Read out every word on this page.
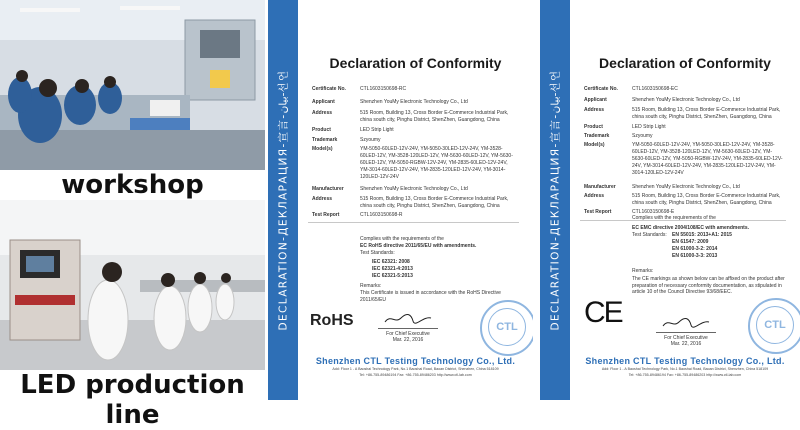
workshop
LED production line
DECLARATION-ДЕКЛАРАЦИЯ-宣言-بيان-선언
Declaration of Conformity
Certificate No.	CTL1603150698-RC
Applicant	Shenzhen YouMy Electronic Technology Co., Ltd
Address	515 Room, Building 13, Cross Border E-Commerce Industrial Park, china south city, Pinghu District, ShenZhen, Guangdong, China
Product	LED Strip Light
Trademark	Szyoumy
Model(s)	YM-5050-60LED-12V-24V, YM-5050-30LED-12V-24V, YM-3528-60LED-12V, YM-3528-120LED-12V, YM-5630-60LED-12V, YM-5630-60LED-12V, YM-5050-RGBW-12V-24V, YM-2835-60LED-12V-24V, YM-3014-60LED-12V-24V, YM-2835-120LED-12V-24V, YM-3014-120LED-12V-24V
Manufacturer	Shenzhen YouMy Electronic Technology Co., Ltd
Address	515 Room, Building 13, Cross Border E-Commerce Industrial Park, china south city, Pinghu District, ShenZhen, Guangdong, China
Test Report	CTL1603150698-R
Complies with the requirements of the
EC RoHS directive 2011/65/EU with amendments.
Test Standards:
IEC 62321: 2008
IEC 62321-4:2013
IEC 62321-5:2013
Remarks:
This Certificate is issued in accordance with the RoHS Directive 2011/65/EU
RoHS
For Chief Executive
Mar. 22, 2016
CTL
Shenzhen CTL Testing Technology Co., Ltd.
Add: Floor 1 - A Baoshai Technology Park, No.1 Baoshai Road, Baoan District, Shenzhen, China 518109
Tel: +86-755-89486194 Fax: +86-755-89486203 http://www.ctl-lab.com
DECLARATION-ДЕКЛАРАЦИЯ-宣言-بيان-선언
Declaration of Conformity
Certificate No.	CTL1603150698-EC
Applicant	Shenzhen YouMy Electronic Technology Co., Ltd
Address	515 Room, Building 13, Cross Border E-Commerce Industrial Park, china south city, Pinghu District, ShenZhen, Guangdong, China
Product	LED Strip Light
Trademark	Szyoumy
Model(s)	YM-5050-60LED-12V-24V, YM-5050-30LED-12V-24V, YM-3528-60LED-12V, YM-3528-120LED-12V, YM-5630-60LED-12V, YM-5630-60LED-12V, YM-5050-RGBW-12V-24V, YM-2835-60LED-12V-24V, YM-3014-60LED-12V-24V, YM-2835-120LED-12V-24V, YM-3014-120LED-12V-24V
Manufacturer	Shenzhen YouMy Electronic Technology Co., Ltd
Address	515 Room, Building 13, Cross Border E-Commerce Industrial Park, china south city, Pinghu District, ShenZhen, Guangdong, China
Test Report	CTL1603150698-E
Complies with the requirements of the
EC EMC directive 2004/108/EC with amendments.
Test Standards: EN 55015: 2013+A1: 2015
EN 61547: 2009
EN 61000-3-2: 2014
EN 61000-3-3: 2013
Remarks:
The CE markings as shown below can be affixed on the product after preparation of necessary conformity documentation, as stipulated in article 10 of the Council Directive 93/68/EEC.
CE
For Chief Executive
Mar. 22, 2016
CTL
Shenzhen CTL Testing Technology Co., Ltd.
Add: Floor 1 - A Baoshai Technology Park, No.1 Baoshai Road, Baoan District, Shenzhen, China 518109
Tel: +86-755-89486194 Fax: +86-755-89486203 http://www.ctl-lab.com
